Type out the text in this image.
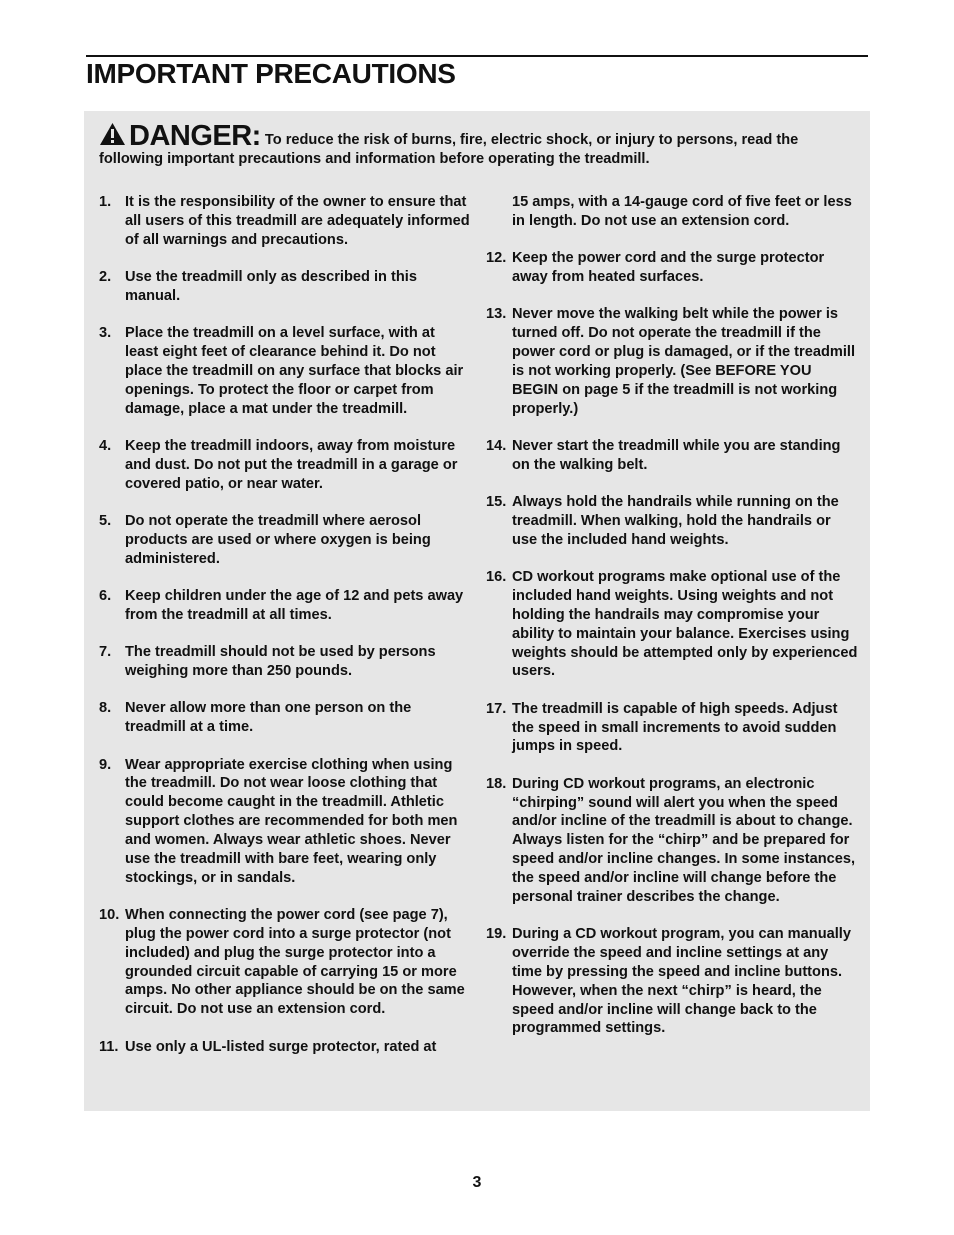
IMPORTANT PRECAUTIONS
DANGER: To reduce the risk of burns, fire, electric shock, or injury to persons, read the following important precautions and information before operating the treadmill.
1. It is the responsibility of the owner to ensure that all users of this treadmill are adequately informed of all warnings and precautions.
2. Use the treadmill only as described in this manual.
3. Place the treadmill on a level surface, with at least eight feet of clearance behind it. Do not place the treadmill on any surface that blocks air openings. To protect the floor or carpet from damage, place a mat under the treadmill.
4. Keep the treadmill indoors, away from moisture and dust. Do not put the treadmill in a garage or covered patio, or near water.
5. Do not operate the treadmill where aerosol products are used or where oxygen is being administered.
6. Keep children under the age of 12 and pets away from the treadmill at all times.
7. The treadmill should not be used by persons weighing more than 250 pounds.
8. Never allow more than one person on the treadmill at a time.
9. Wear appropriate exercise clothing when using the treadmill. Do not wear loose clothing that could become caught in the treadmill. Athletic support clothes are recommended for both men and women. Always wear athletic shoes. Never use the treadmill with bare feet, wearing only stockings, or in sandals.
10. When connecting the power cord (see page 7), plug the power cord into a surge protector (not included) and plug the surge protector into a grounded circuit capable of carrying 15 or more amps. No other appliance should be on the same circuit. Do not use an extension cord.
11. Use only a UL-listed surge protector, rated at
15 amps, with a 14-gauge cord of five feet or less in length. Do not use an extension cord.
12. Keep the power cord and the surge protector away from heated surfaces.
13. Never move the walking belt while the power is turned off. Do not operate the treadmill if the power cord or plug is damaged, or if the treadmill is not working properly. (See BEFORE YOU BEGIN on page 5 if the treadmill is not working properly.)
14. Never start the treadmill while you are standing on the walking belt.
15. Always hold the handrails while running on the treadmill. When walking, hold the handrails or use the included hand weights.
16. CD workout programs make optional use of the included hand weights. Using weights and not holding the handrails may compromise your ability to maintain your balance. Exercises using weights should be attempted only by experienced users.
17. The treadmill is capable of high speeds. Adjust the speed in small increments to avoid sudden jumps in speed.
18. During CD workout programs, an electronic “chirping” sound will alert you when the speed and/or incline of the treadmill is about to change. Always listen for the “chirp” and be prepared for speed and/or incline changes. In some instances, the speed and/or incline will change before the personal trainer describes the change.
19. During a CD workout program, you can manually override the speed and incline settings at any time by pressing the speed and incline buttons. However, when the next “chirp” is heard, the speed and/or incline will change back to the programmed settings.
3
